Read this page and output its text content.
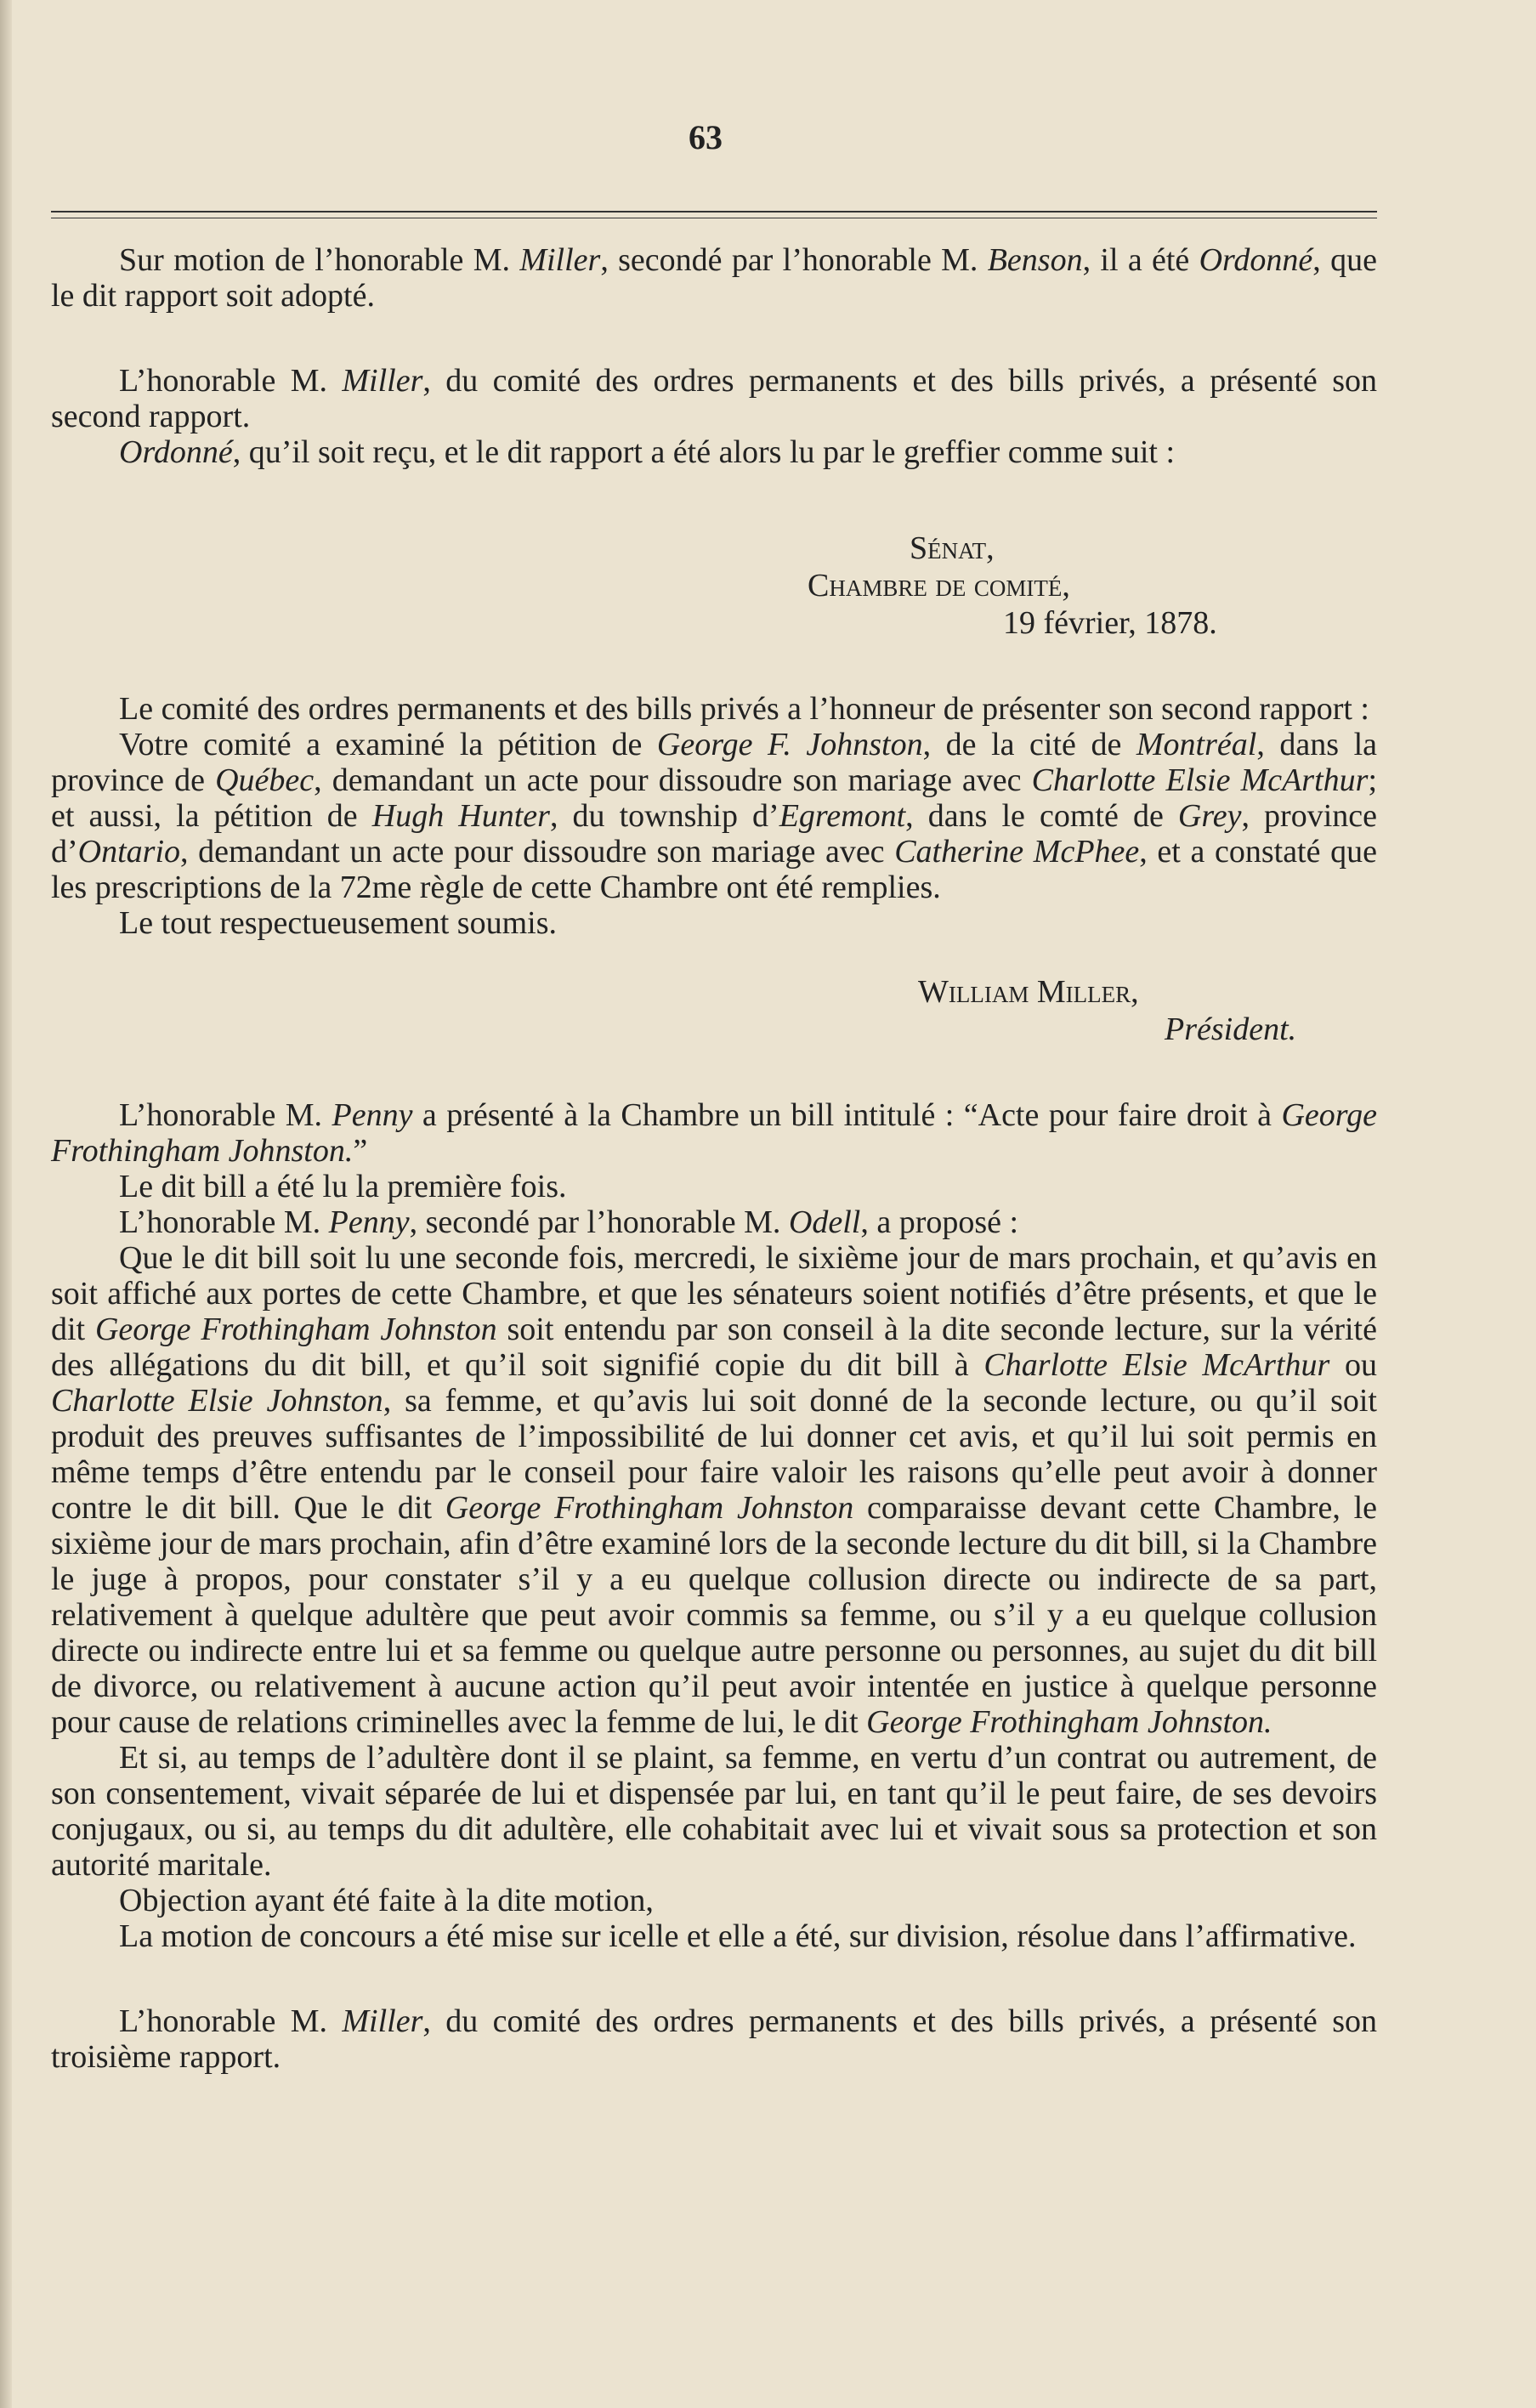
63

Sur motion de l’honorable M. Miller, secondé par l’honorable M. Benson, il a été Ordonné, que le dit rapport soit adopté.

L’honorable M. Miller, du comité des ordres permanents et des bills privés, a présenté son second rapport.

Ordonné, qu’il soit reçu, et le dit rapport a été alors lu par le greffier comme suit :

Sénat,
Chambre de comité,
19 février, 1878.

Le comité des ordres permanents et des bills privés a l’honneur de présenter son second rapport :

Votre comité a examiné la pétition de George F. Johnston, de la cité de Montréal, dans la province de Québec, demandant un acte pour dissoudre son mariage avec Charlotte Elsie McArthur; et aussi, la pétition de Hugh Hunter, du township d’Egremont, dans le comté de Grey, province d’Ontario, demandant un acte pour dissoudre son mariage avec Catherine McPhee, et a constaté que les prescriptions de la 72me règle de cette Chambre ont été remplies.

Le tout respectueusement soumis.

William Miller,
Président.

L’honorable M. Penny a présenté à la Chambre un bill intitulé : “Acte pour faire droit à George Frothingham Johnston.”

Le dit bill a été lu la première fois.

L’honorable M. Penny, secondé par l’honorable M. Odell, a proposé :

Que le dit bill soit lu une seconde fois, mercredi, le sixième jour de mars prochain, et qu’avis en soit affiché aux portes de cette Chambre, et que les sénateurs soient notifiés d’être présents, et que le dit George Frothingham Johnston soit entendu par son conseil à la dite seconde lecture, sur la vérité des allégations du dit bill, et qu’il soit signifié copie du dit bill à Charlotte Elsie McArthur ou Charlotte Elsie Johnston, sa femme, et qu’avis lui soit donné de la seconde lecture, ou qu’il soit produit des preuves suffisantes de l’impossibilité de lui donner cet avis, et qu’il lui soit permis en même temps d’être entendu par le conseil pour faire valoir les raisons qu’elle peut avoir à donner contre le dit bill. Que le dit George Frothingham Johnston comparaisse devant cette Chambre, le sixième jour de mars prochain, afin d’être examiné lors de la seconde lecture du dit bill, si la Chambre le juge à propos, pour constater s’il y a eu quelque collusion directe ou indirecte de sa part, relativement à quelque adultère que peut avoir commis sa femme, ou s’il y a eu quelque collusion directe ou indirecte entre lui et sa femme ou quelque autre personne ou personnes, au sujet du dit bill de divorce, ou relativement à aucune action qu’il peut avoir intentée en justice à quelque personne pour cause de relations criminelles avec la femme de lui, le dit George Frothingham Johnston.

Et si, au temps de l’adultère dont il se plaint, sa femme, en vertu d’un contrat ou autrement, de son consentement, vivait séparée de lui et dispensée par lui, en tant qu’il le peut faire, de ses devoirs conjugaux, ou si, au temps du dit adultère, elle cohabitait avec lui et vivait sous sa protection et son autorité maritale.

Objection ayant été faite à la dite motion,

La motion de concours a été mise sur icelle et elle a été, sur division, résolue dans l’affirmative.

L’honorable M. Miller, du comité des ordres permanents et des bills privés, a présenté son troisième rapport.
